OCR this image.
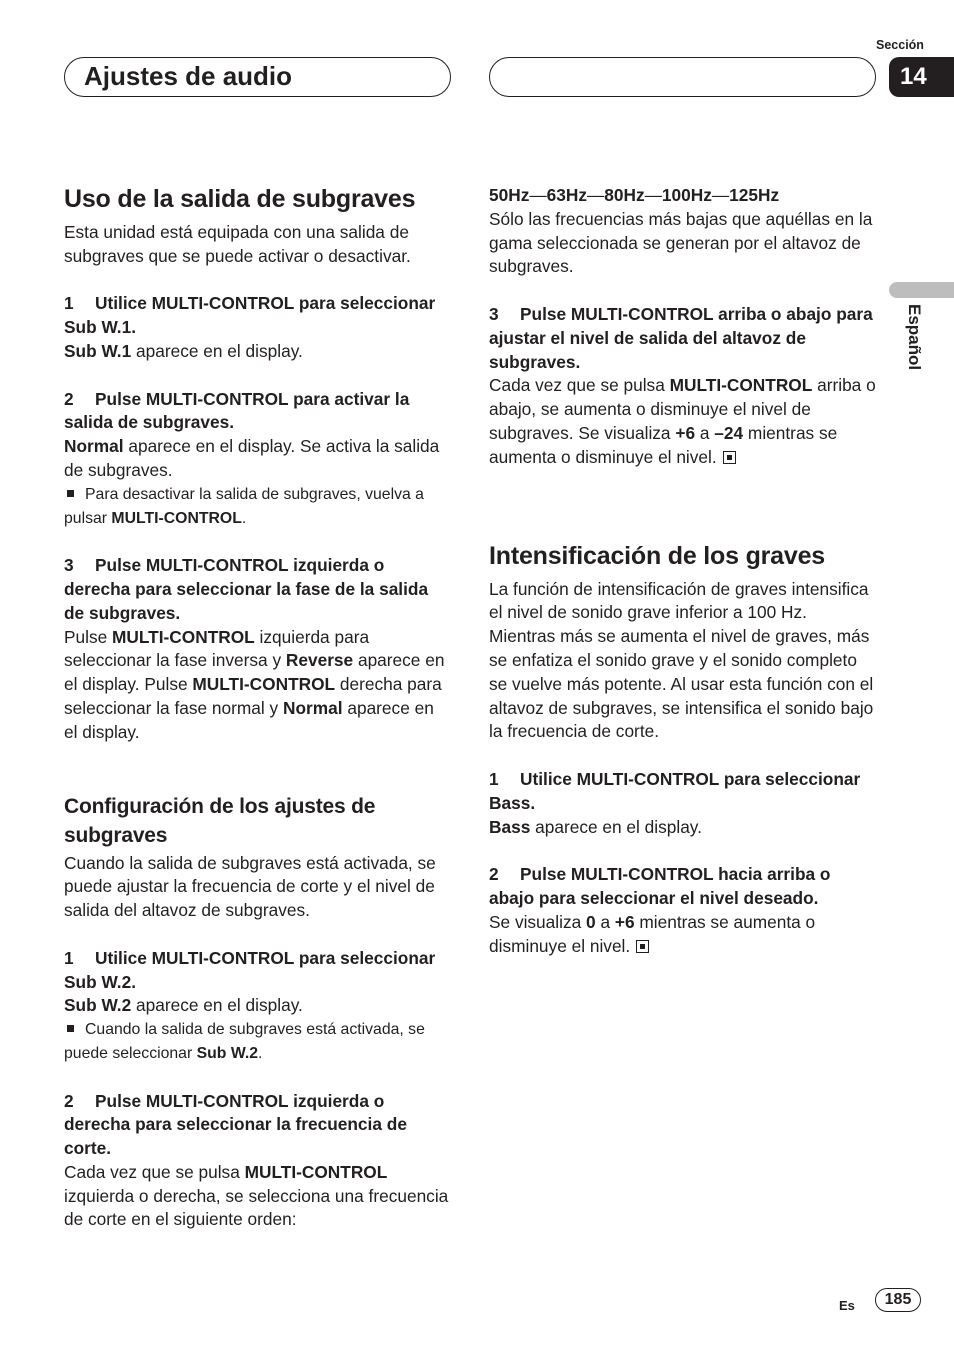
Ajustes de audio
Sección
14
Español
Uso de la salida de subgraves

Esta unidad está equipada con una salida de subgraves que se puede activar o desactivar.

1 Utilice MULTI-CONTROL para seleccionar Sub W.1.

Sub W.1 aparece en el display.

2 Pulse MULTI-CONTROL para activar la salida de subgraves.

Normal aparece en el display. Se activa la salida de subgraves.

Para desactivar la salida de subgraves, vuelva a pulsar MULTI-CONTROL.

3 Pulse MULTI-CONTROL izquierda o derecha para seleccionar la fase de la salida de subgraves.

Pulse MULTI-CONTROL izquierda para seleccionar la fase inversa y Reverse aparece en el display. Pulse MULTI-CONTROL derecha para seleccionar la fase normal y Normal aparece en el display.

Configuración de los ajustes de subgraves

Cuando la salida de subgraves está activada, se puede ajustar la frecuencia de corte y el nivel de salida del altavoz de subgraves.

1 Utilice MULTI-CONTROL para seleccionar Sub W.2.

Sub W.2 aparece en el display.

Cuando la salida de subgraves está activada, se puede seleccionar Sub W.2.

2 Pulse MULTI-CONTROL izquierda o derecha para seleccionar la frecuencia de corte.

Cada vez que se pulsa MULTI-CONTROL izquierda o derecha, se selecciona una frecuencia de corte en el siguiente orden:

50Hz—63Hz—80Hz—100Hz—125Hz

Sólo las frecuencias más bajas que aquéllas en la gama seleccionada se generan por el altavoz de subgraves.

3 Pulse MULTI-CONTROL arriba o abajo para ajustar el nivel de salida del altavoz de subgraves.

Cada vez que se pulsa MULTI-CONTROL arriba o abajo, se aumenta o disminuye el nivel de subgraves. Se visualiza +6 a –24 mientras se aumenta o disminuye el nivel.

Intensificación de los graves

La función de intensificación de graves intensifica el nivel de sonido grave inferior a 100 Hz. Mientras más se aumenta el nivel de graves, más se enfatiza el sonido grave y el sonido completo se vuelve más potente. Al usar esta función con el altavoz de subgraves, se intensifica el sonido bajo la frecuencia de corte.

1 Utilice MULTI-CONTROL para seleccionar Bass.

Bass aparece en el display.

2 Pulse MULTI-CONTROL hacia arriba o abajo para seleccionar el nivel deseado.

Se visualiza 0 a +6 mientras se aumenta o disminuye el nivel.

Es	185
